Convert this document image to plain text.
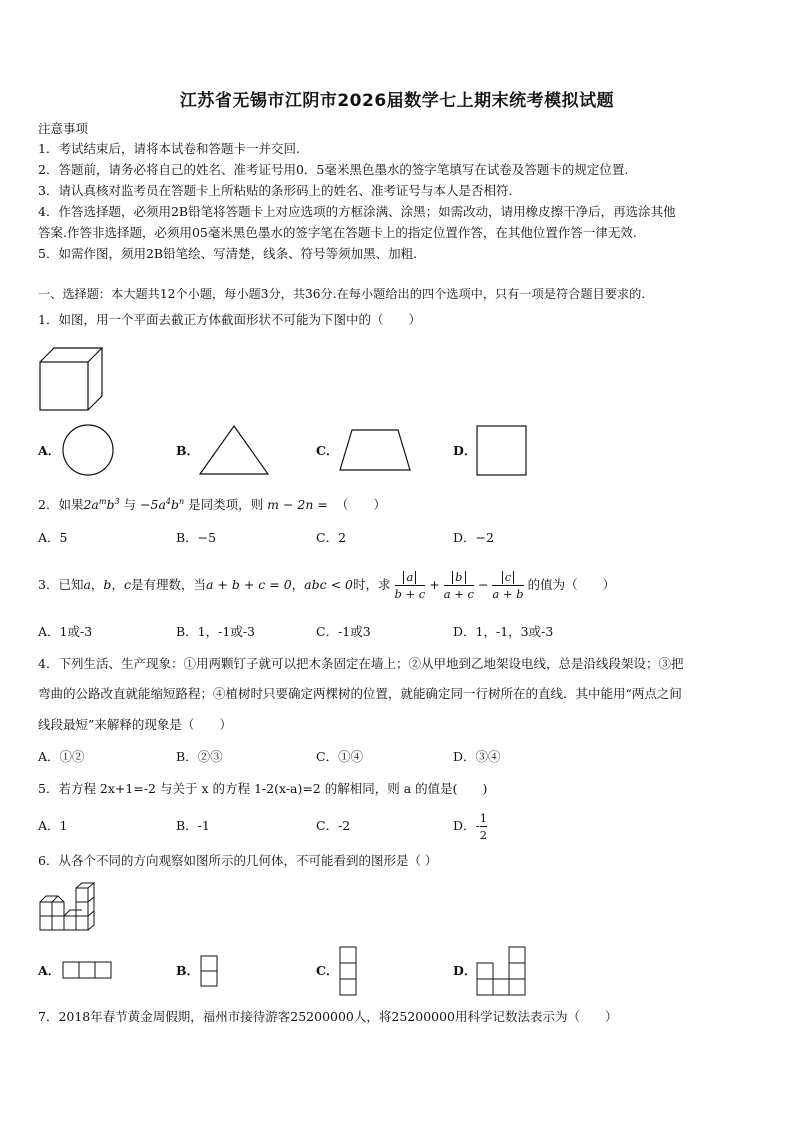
江苏省无锡市江阴市2026届数学七上期末统考模拟试题
注意事项
1．考试结束后，请将本试卷和答题卡一并交回.
2．答题前，请务必将自己的姓名、准考证号用0．5毫米黑色墨水的签字笔填写在试卷及答题卡的规定位置.
3．请认真核对监考员在答题卡上所粘贴的条形码上的姓名、准考证号与本人是否相符.
4．作答选择题，必须用2B铅笔将答题卡上对应选项的方框涂满、涂黑；如需改动，请用橡皮擦干净后，再选涂其他
答案.作答非选择题，必须用05毫米黑色墨水的签字笔在答题卡上的指定位置作答，在其他位置作答一律无效.
5．如需作图，须用2B铅笔绘、写清楚，线条、符号等须加黑、加粗.
一、选择题：本大题共12个小题，每小题3分，共36分.在每小题给出的四个选项中，只有一项是符合题目要求的.
1．如图，用一个平面去截正方体截面形状不可能为下图中的（　　）
A．	B．	C．	D．
2．如果$2a^mb^3$ 与 $-5a^4b^n$ 是同类项，则 m − 2n = （　　）
A．5	B．−5	C．2	D．−2
3．已知a，b，c是有理数，当a + b + c = 0，abc < 0时，求 $\frac{a}{b + c} + \frac{b}{a + c} - \frac{c}{a + b}$ 的值为（　　）
A．1或-3	B．1，-1或-3	C．-1或3	D．1，-1，3或-3
4．下列生活、生产现象：①用两颗钉子就可以把木条固定在墙上；②从甲地到乙地架设电线，总是沿线段架设；③把
弯曲的公路改直就能缩短路程；④植树时只要确定两棵树的位置，就能确定同一行树所在的直线．其中能用“两点之间
线段最短”来解释的现象是（　　）
A．①②	B．②③	C．①④	D．③④
5．若方程 2x+1=-2 与关于 x 的方程 1-2(x-a)=2 的解相同，则 a 的值是(　　)
A．1	B．-1	C．-2	D．- $\frac{1}{2}$
6．从各个不同的方向观察如图所示的几何体，不可能看到的图形是（ ）
A．	B．	C．	D．
7．2018年春节黄金周假期，福州市接待游客25200000人，将25200000用科学记数法表示为（　　）
